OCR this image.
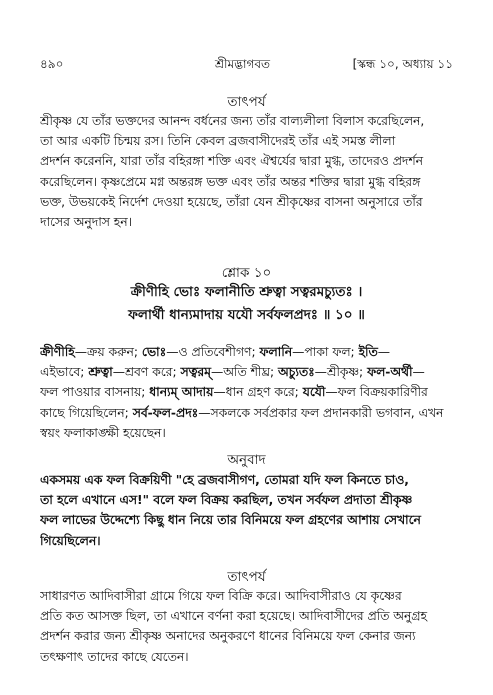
৪৯০	শ্রীমদ্ভাগবত	[স্কন্ধ ১০, অধ্যায় ১১
তাৎপর্য
শ্রীকৃষ্ণ যে তাঁর ভক্তদের আনন্দ বর্ধনের জন্য তাঁর বাল্যলীলা বিলাস করেছিলেন,
তা আর একটি চিন্ময় রস। তিনি কেবল ব্রজবাসীদেরই তাঁর এই সমস্ত লীলা
প্রদর্শন করেননি, যারা তাঁর বহিরঙ্গা শক্তি এবং ঐশ্বর্যের দ্বারা মুগ্ধ, তাদেরও প্রদর্শন
করেছিলেন। কৃষ্ণপ্রেমে মগ্ন অন্তরঙ্গ ভক্ত এবং তাঁর অন্তর শক্তির দ্বারা মুগ্ধ বহিরঙ্গ
ভক্ত, উভয়কেই নির্দেশ দেওয়া হয়েছে, তাঁরা যেন শ্রীকৃষ্ণের বাসনা অনুসারে তাঁর
দাসের অনুদাস হন।
শ্লোক ১০
ক্রীণীহি ভোঃ ফলানীতি শ্রুত্বা সত্বরমচ্যুতঃ ।
ফলার্থী ধান্যমাদায় যযৌ সর্বফলপ্রদঃ ॥ ১০ ॥
ক্রীণীহি—ক্রয় করুন; ভোঃ—ও প্রতিবেশীগণ; ফলানি—পাকা ফল; ইতি—
এইভাবে; শ্রুত্বা—শ্রবণ করে; সত্বরম্—অতি শীঘ্র; অচ্যুতঃ—শ্রীকৃষ্ণ; ফল-অর্থী—
ফল পাওয়ার বাসনায়; ধান্যম্ আদায়—ধান গ্রহণ করে; যযৌ—ফল বিক্রয়কারিণীর
কাছে গিয়েছিলেন; সর্ব-ফল-প্রদঃ—সকলকে সর্বপ্রকার ফল প্রদানকারী ভগবান, এখন
স্বয়ং ফলাকাঙ্ক্ষী হয়েছেন।
অনুবাদ
একসময় এক ফল বিক্রয়িণী "হে ব্রজবাসীগণ, তোমরা যদি ফল কিনতে চাও,
তা হলে এখানে এস!" বলে ফল বিক্রয় করছিল, তখন সর্বফল প্রদাতা শ্রীকৃষ্ণ
ফল লাভের উদ্দেশ্যে কিছু ধান নিয়ে তার বিনিময়ে ফল গ্রহণের আশায় সেখানে
গিয়েছিলেন।
তাৎপর্য
সাধারণত আদিবাসীরা গ্রামে গিয়ে ফল বিক্রি করে। আদিবাসীরাও যে কৃষ্ণের
প্রতি কত আসক্ত ছিল, তা এখানে বর্ণনা করা হয়েছে। আদিবাসীদের প্রতি অনুগ্রহ
প্রদর্শন করার জন্য শ্রীকৃষ্ণ অনাদের অনুকরণে ধানের বিনিময়ে ফল কেনার জন্য
তৎক্ষণাৎ তাদের কাছে যেতেন।
